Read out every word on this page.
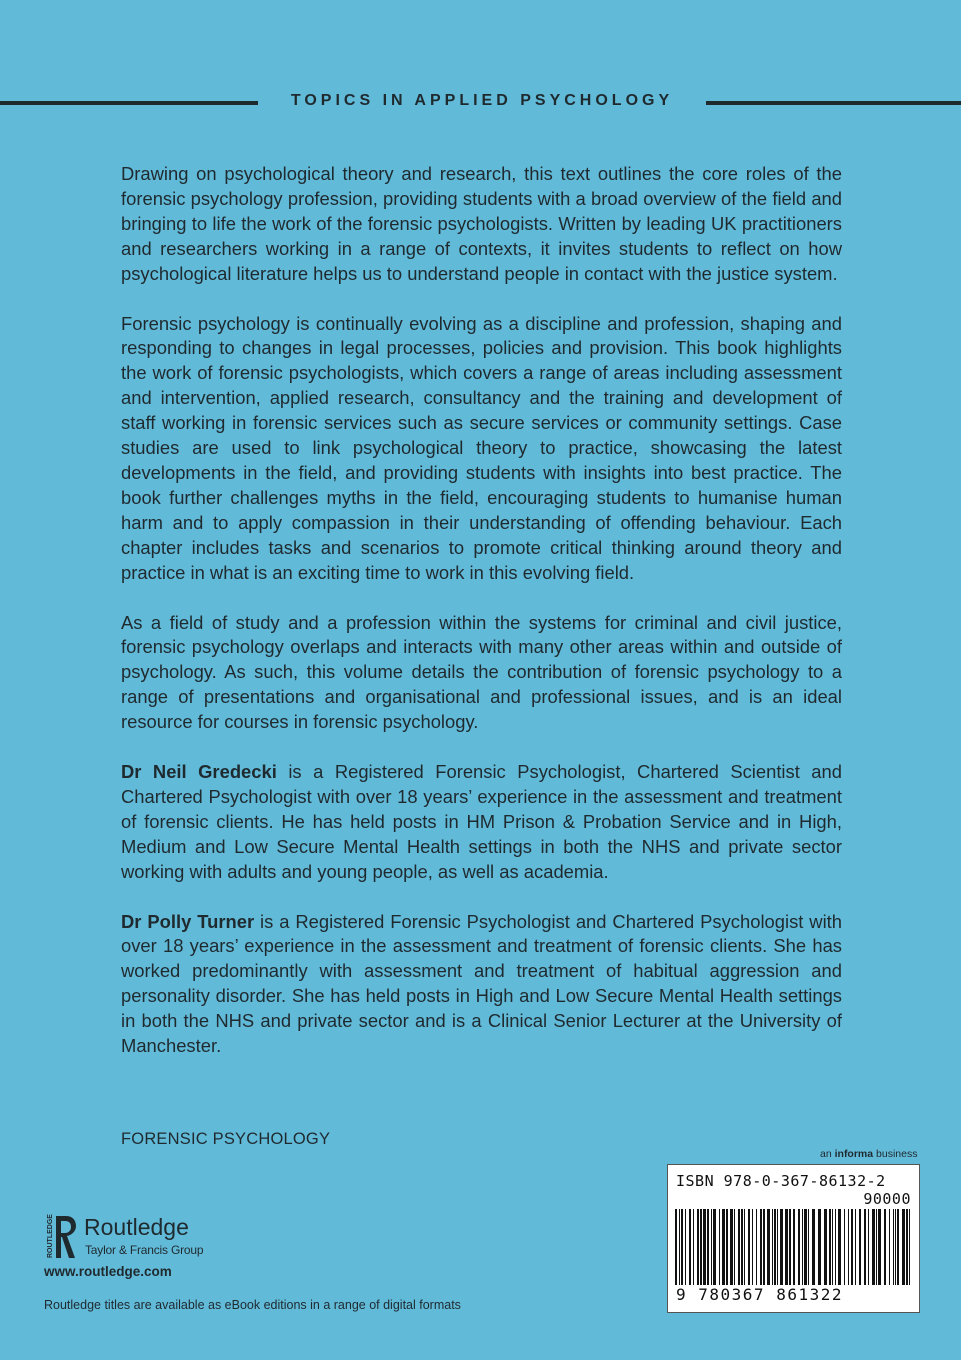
TOPICS IN APPLIED PSYCHOLOGY

Drawing on psychological theory and research, this text outlines the core roles of the forensic psychology profession, providing students with a broad overview of the field and bringing to life the work of the forensic psychologists. Written by leading UK practitioners and researchers working in a range of contexts, it invites students to reflect on how psychological literature helps us to understand people in contact with the justice system.

Forensic psychology is continually evolving as a discipline and profession, shaping and responding to changes in legal processes, policies and provision. This book highlights the work of forensic psychologists, which covers a range of areas including assessment and intervention, applied research, consultancy and the training and development of staff working in forensic services such as secure services or community settings. Case studies are used to link psychological theory to practice, showcasing the latest developments in the field, and providing students with insights into best practice. The book further challenges myths in the field, encouraging students to humanise human harm and to apply compassion in their understanding of offending behaviour. Each chapter includes tasks and scenarios to promote critical thinking around theory and practice in what is an exciting time to work in this evolving field.

As a field of study and a profession within the systems for criminal and civil justice, forensic psychology overlaps and interacts with many other areas within and outside of psychology. As such, this volume details the contribution of forensic psychology to a range of presentations and organisational and professional issues, and is an ideal resource for courses in forensic psychology.

Dr Neil Gredecki is a Registered Forensic Psychologist, Chartered Scientist and Chartered Psychologist with over 18 years’ experience in the assessment and treatment of forensic clients. He has held posts in HM Prison & Probation Service and in High, Medium and Low Secure Mental Health settings in both the NHS and private sector working with adults and young people, as well as academia.

Dr Polly Turner is a Registered Forensic Psychologist and Chartered Psychologist with over 18 years’ experience in the assessment and treatment of forensic clients. She has worked predominantly with assessment and treatment of habitual aggression and personality disorder. She has held posts in High and Low Secure Mental Health settings in both the NHS and private sector and is a Clinical Senior Lecturer at the University of Manchester.

FORENSIC PSYCHOLOGY
an informa business
ISBN 978-0-367-86132-2
90000
9 780367 861322
ROUTLEDGE Routledge
Taylor & Francis Group
www.routledge.com
Routledge titles are available as eBook editions in a range of digital formats
